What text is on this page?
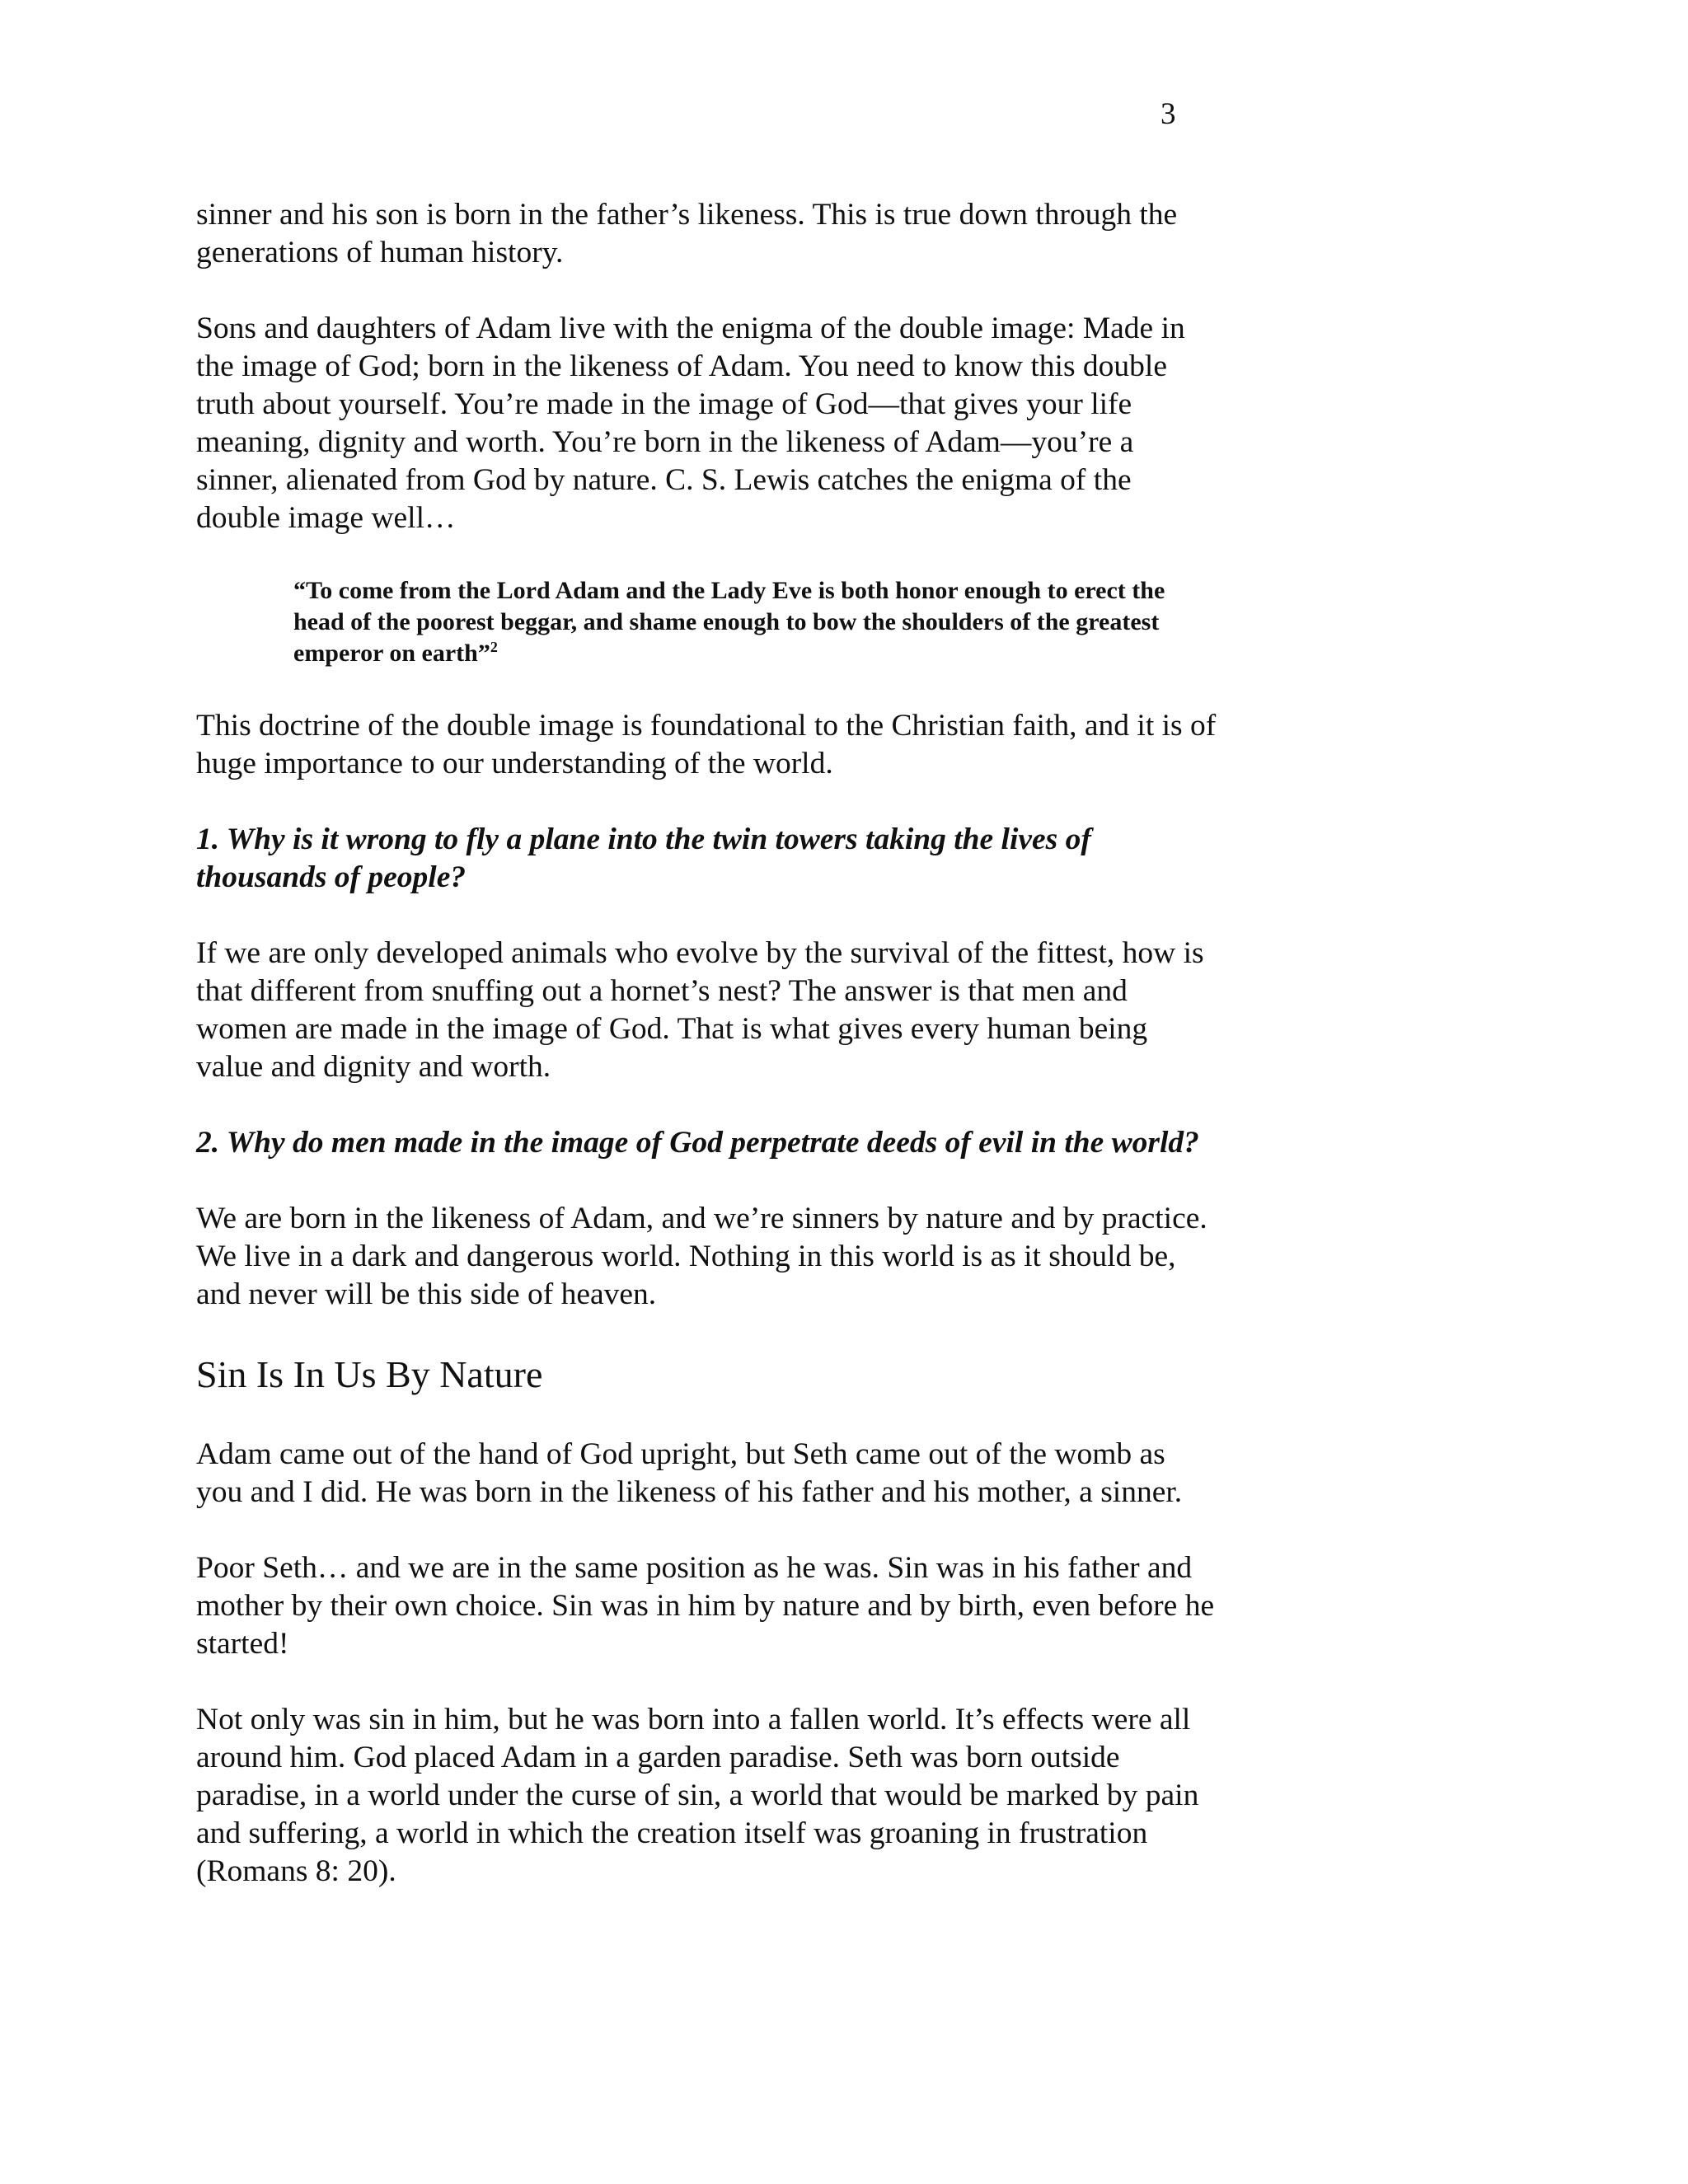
3

sinner and his son is born in the father’s likeness. This is true down through the generations of human history.

Sons and daughters of Adam live with the enigma of the double image: Made in the image of God; born in the likeness of Adam. You need to know this double truth about yourself. You’re made in the image of God—that gives your life meaning, dignity and worth. You’re born in the likeness of Adam—you’re a sinner, alienated from God by nature. C. S. Lewis catches the enigma of the double image well…

“To come from the Lord Adam and the Lady Eve is both honor enough to erect the head of the poorest beggar, and shame enough to bow the shoulders of the greatest emperor on earth”$^2$

This doctrine of the double image is foundational to the Christian faith, and it is of huge importance to our understanding of the world.

1. Why is it wrong to fly a plane into the twin towers taking the lives of thousands of people?

If we are only developed animals who evolve by the survival of the fittest, how is that different from snuffing out a hornet’s nest? The answer is that men and women are made in the image of God. That is what gives every human being value and dignity and worth.

2. Why do men made in the image of God perpetrate deeds of evil in the world?

We are born in the likeness of Adam, and we’re sinners by nature and by practice. We live in a dark and dangerous world. Nothing in this world is as it should be, and never will be this side of heaven.

Sin Is In Us By Nature

Adam came out of the hand of God upright, but Seth came out of the womb as you and I did. He was born in the likeness of his father and his mother, a sinner.

Poor Seth… and we are in the same position as he was. Sin was in his father and mother by their own choice. Sin was in him by nature and by birth, even before he started!

Not only was sin in him, but he was born into a fallen world. It’s effects were all around him. God placed Adam in a garden paradise. Seth was born outside paradise, in a world under the curse of sin, a world that would be marked by pain and suffering, a world in which the creation itself was groaning in frustration (Romans 8: 20).
